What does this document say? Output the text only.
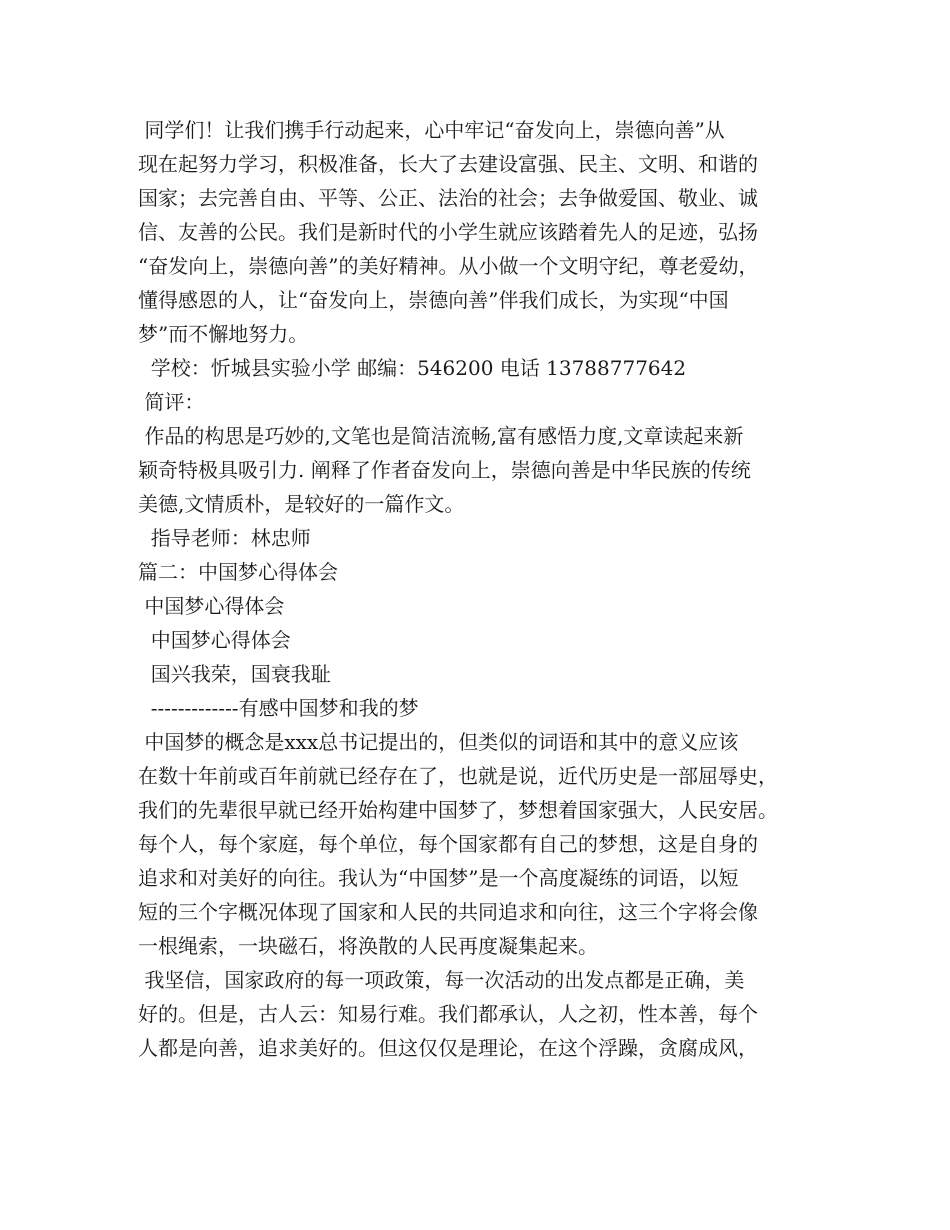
同学们！让我们携手行动起来，心中牢记“奋发向上，崇德向善”从
现在起努力学习，积极准备，长大了去建设富强、民主、文明、和谐的
国家；去完善自由、平等、公正、法治的社会；去争做爱国、敬业、诚
信、友善的公民。我们是新时代的小学生就应该踏着先人的足迹，弘扬
“奋发向上，崇德向善”的美好精神。从小做一个文明守纪，尊老爱幼，
懂得感恩的人，让“奋发向上，崇德向善”伴我们成长，为实现“中国
梦”而不懈地努力。
学校：忻城县实验小学 邮编：546200 电话 13788777642
简评：
作品的构思是巧妙的,文笔也是简洁流畅,富有感悟力度,文章读起来新
颖奇特极具吸引力. 阐释了作者奋发向上，崇德向善是中华民族的传统
美德,文情质朴，是较好的一篇作文。
指导老师：林忠师
篇二：中国梦心得体会
中国梦心得体会
中国梦心得体会
国兴我荣，国衰我耻
-------------有感中国梦和我的梦
中国梦的概念是xxx总书记提出的，但类似的词语和其中的意义应该
在数十年前或百年前就已经存在了，也就是说，近代历史是一部屈辱史，
我们的先辈很早就已经开始构建中国梦了，梦想着国家强大，人民安居。
每个人，每个家庭，每个单位，每个国家都有自己的梦想，这是自身的
追求和对美好的向往。我认为“中国梦”是一个高度凝练的词语，以短
短的三个字概况体现了国家和人民的共同追求和向往，这三个字将会像
一根绳索，一块磁石，将涣散的人民再度凝集起来。
我坚信，国家政府的每一项政策，每一次活动的出发点都是正确，美
好的。但是，古人云：知易行难。我们都承认，人之初，性本善，每个
人都是向善，追求美好的。但这仅仅是理论，在这个浮躁，贪腐成风，
